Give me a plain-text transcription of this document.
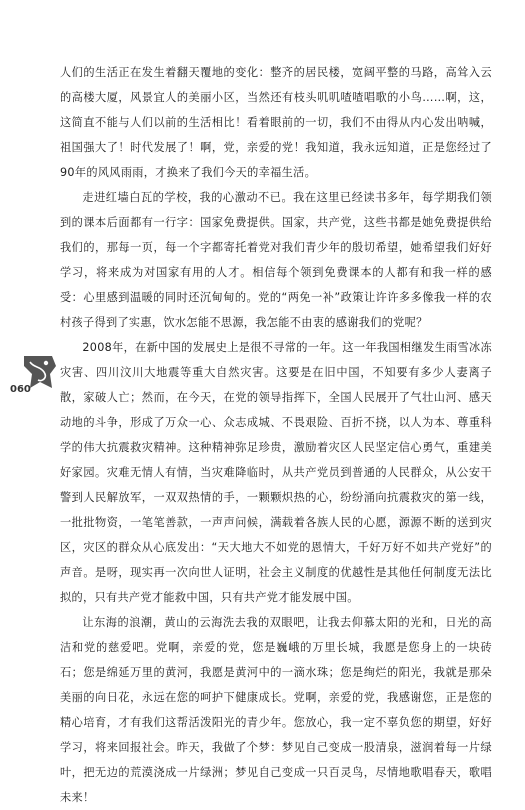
060

人们的生活正在发生着翻天覆地的变化：整齐的居民楼，宽阔平整的马路，高耸入云的高楼大厦，风景宜人的美丽小区，当然还有枝头叽叽喳喳唱歌的小鸟……啊，这，这简直不能与人们以前的生活相比！看着眼前的一切，我们不由得从内心发出呐喊，祖国强大了！时代发展了！啊，党，亲爱的党！我知道，我永远知道，正是您经过了90年的风风雨雨，才换来了我们今天的幸福生活。

走进红墙白瓦的学校，我的心激动不已。我在这里已经读书多年，每学期我们领到的课本后面都有一行字：国家免费提供。国家，共产党，这些书都是她免费提供给我们的，那每一页，每一个字都寄托着党对我们青少年的殷切希望，她希望我们好好学习，将来成为对国家有用的人才。相信每个领到免费课本的人都有和我一样的感受：心里感到温暖的同时还沉甸甸的。党的“两免一补”政策让许许多多像我一样的农村孩子得到了实惠，饮水怎能不思源，我怎能不由衷的感谢我们的党呢？

2008年，在新中国的发展史上是很不寻常的一年。这一年我国相继发生雨雪冰冻灾害、四川汶川大地震等重大自然灾害。这要是在旧中国，不知要有多少人妻离子散，家破人亡；然而，在今天，在党的领导指挥下，全国人民展开了气壮山河、感天动地的斗争，形成了万众一心、众志成城、不畏艰险、百折不挠，以人为本、尊重科学的伟大抗震救灾精神。这种精神弥足珍贵，激励着灾区人民坚定信心勇气，重建美好家园。灾难无情人有情，当灾难降临时，从共产党员到普通的人民群众，从公安干警到人民解放军，一双双热情的手，一颗颗炽热的心，纷纷涌向抗震救灾的第一线，一批批物资，一笔笔善款，一声声问候，满载着各族人民的心愿，源源不断的送到灾区，灾区的群众从心底发出：“天大地大不如党的恩情大，千好万好不如共产党好”的声音。是呀，现实再一次向世人证明，社会主义制度的优越性是其他任何制度无法比拟的，只有共产党才能救中国，只有共产党才能发展中国。

让东海的浪潮，黄山的云海洗去我的双眼吧，让我去仰慕太阳的光和，日光的高洁和党的慈爱吧。党啊，亲爱的党，您是巍峨的万里长城，我愿是您身上的一块砖石；您是绵延万里的黄河，我愿是黄河中的一滴水珠；您是绚烂的阳光，我就是那朵美丽的向日花，永远在您的呵护下健康成长。党啊，亲爱的党，我感谢您，正是您的精心培育，才有我们这帮活泼阳光的青少年。您放心，我一定不辜负您的期望，好好学习，将来回报社会。昨天，我做了个梦：梦见自己变成一股清泉，滋润着每一片绿叶，把无边的荒漠浇成一片绿洲；梦见自己变成一只百灵鸟，尽情地歌唱春天，歌唱未来！
